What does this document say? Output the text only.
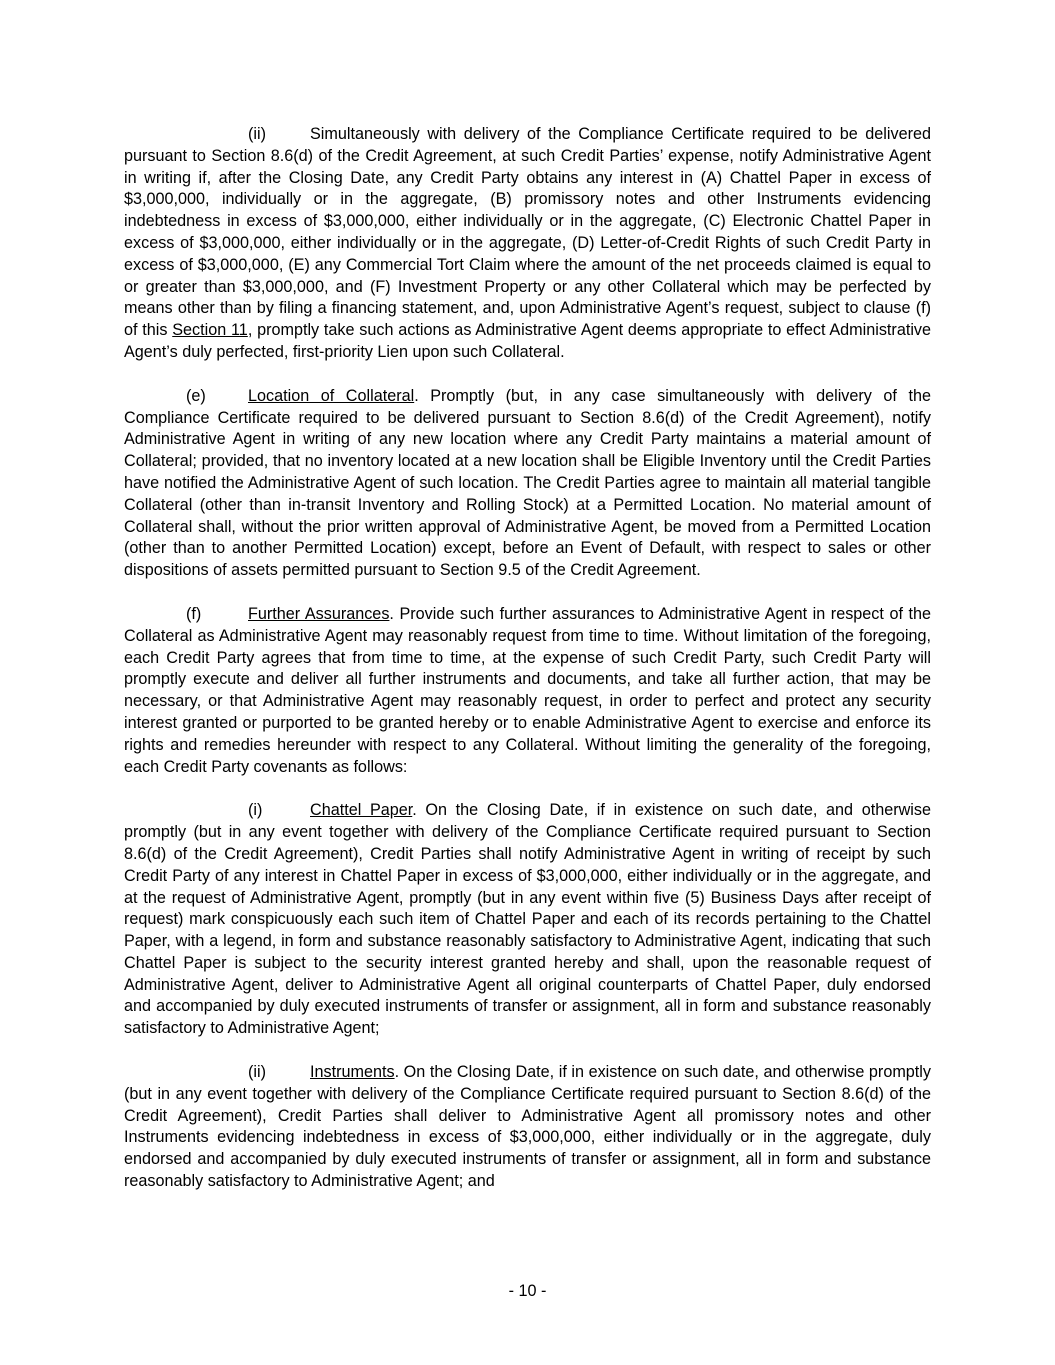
(ii)	Simultaneously with delivery of the Compliance Certificate required to be delivered pursuant to Section 8.6(d) of the Credit Agreement, at such Credit Parties’ expense, notify Administrative Agent in writing if, after the Closing Date, any Credit Party obtains any interest in (A) Chattel Paper in excess of $3,000,000, individually or in the aggregate, (B) promissory notes and other Instruments evidencing indebtedness in excess of $3,000,000, either individually or in the aggregate, (C) Electronic Chattel Paper in excess of $3,000,000, either individually or in the aggregate, (D) Letter-of-Credit Rights of such Credit Party in excess of $3,000,000, (E) any Commercial Tort Claim where the amount of the net proceeds claimed is equal to or greater than $3,000,000, and (F) Investment Property or any other Collateral which may be perfected by means other than by filing a financing statement, and, upon Administrative Agent’s request, subject to clause (f) of this Section 11, promptly take such actions as Administrative Agent deems appropriate to effect Administrative Agent’s duly perfected, first-priority Lien upon such Collateral.

(e)	Location of Collateral. Promptly (but, in any case simultaneously with delivery of the Compliance Certificate required to be delivered pursuant to Section 8.6(d) of the Credit Agreement), notify Administrative Agent in writing of any new location where any Credit Party maintains a material amount of Collateral; provided, that no inventory located at a new location shall be Eligible Inventory until the Credit Parties have notified the Administrative Agent of such location. The Credit Parties agree to maintain all material tangible Collateral (other than in-transit Inventory and Rolling Stock) at a Permitted Location. No material amount of Collateral shall, without the prior written approval of Administrative Agent, be moved from a Permitted Location (other than to another Permitted Location) except, before an Event of Default, with respect to sales or other dispositions of assets permitted pursuant to Section 9.5 of the Credit Agreement.

(f)	Further Assurances. Provide such further assurances to Administrative Agent in respect of the Collateral as Administrative Agent may reasonably request from time to time. Without limitation of the foregoing, each Credit Party agrees that from time to time, at the expense of such Credit Party, such Credit Party will promptly execute and deliver all further instruments and documents, and take all further action, that may be necessary, or that Administrative Agent may reasonably request, in order to perfect and protect any security interest granted or purported to be granted hereby or to enable Administrative Agent to exercise and enforce its rights and remedies hereunder with respect to any Collateral. Without limiting the generality of the foregoing, each Credit Party covenants as follows:

(i)	Chattel Paper. On the Closing Date, if in existence on such date, and otherwise promptly (but in any event together with delivery of the Compliance Certificate required pursuant to Section 8.6(d) of the Credit Agreement), Credit Parties shall notify Administrative Agent in writing of receipt by such Credit Party of any interest in Chattel Paper in excess of $3,000,000, either individually or in the aggregate, and at the request of Administrative Agent, promptly (but in any event within five (5) Business Days after receipt of request) mark conspicuously each such item of Chattel Paper and each of its records pertaining to the Chattel Paper, with a legend, in form and substance reasonably satisfactory to Administrative Agent, indicating that such Chattel Paper is subject to the security interest granted hereby and shall, upon the reasonable request of Administrative Agent, deliver to Administrative Agent all original counterparts of Chattel Paper, duly endorsed and accompanied by duly executed instruments of transfer or assignment, all in form and substance reasonably satisfactory to Administrative Agent;

(ii)	Instruments. On the Closing Date, if in existence on such date, and otherwise promptly (but in any event together with delivery of the Compliance Certificate required pursuant to Section 8.6(d) of the Credit Agreement), Credit Parties shall deliver to Administrative Agent all promissory notes and other Instruments evidencing indebtedness in excess of $3,000,000, either individually or in the aggregate, duly endorsed and accompanied by duly executed instruments of transfer or assignment, all in form and substance reasonably satisfactory to Administrative Agent; and

- 10 -
